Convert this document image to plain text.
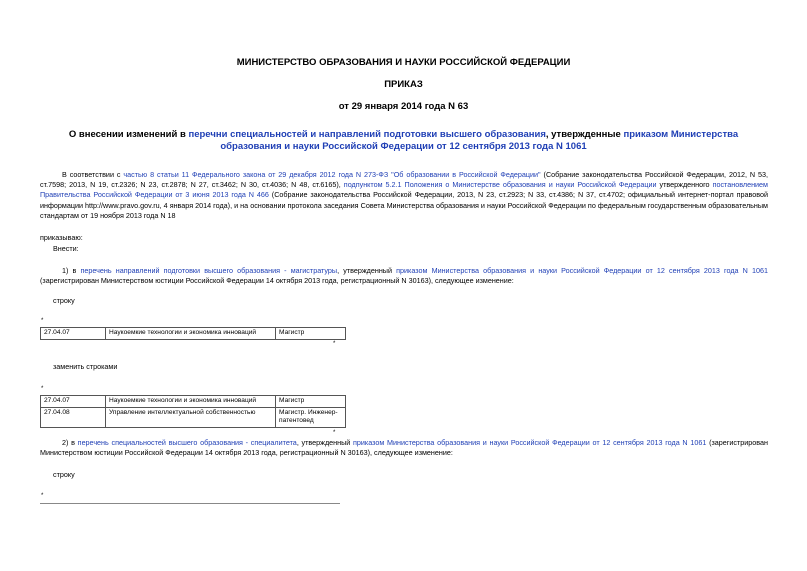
МИНИСТЕРСТВО ОБРАЗОВАНИЯ И НАУКИ РОССИЙСКОЙ ФЕДЕРАЦИИ
ПРИКАЗ
от 29 января 2014 года N 63
О внесении изменений в перечни специальностей и направлений подготовки высшего образования, утвержденные приказом Министерства образования и науки Российской Федерации от 12 сентября 2013 года N 1061
В соответствии с частью 8 статьи 11 Федерального закона от 29 декабря 2012 года N 273-ФЗ "Об образовании в Российской Федерации" (Собрание законодательства Российской Федерации, 2012, N 53, ст.7598; 2013, N 19, ст.2326; N 23, ст.2878; N 27, ст.3462; N 30, ст.4036; N 48, ст.6165), подпунктом 5.2.1 Положения о Министерстве образования и науки Российской Федерации утвержденного постановлением Правительства Российской Федерации от 3 июня 2013 года N 466 (Собрание законодательства Российской Федерации, 2013, N 23, ст.2923; N 33, ст.4386; N 37, ст.4702; официальный интернет-портал правовой информации http://www.pravo.gov.ru, 4 января 2014 года), и на основании протокола заседания Совета Министерства образования и науки Российской Федерации по федеральным государственным образовательным стандартам от 19 ноября 2013 года N 18
приказываю:
Внести:
1) в перечень направлений подготовки высшего образования - магистратуры, утвержденный приказом Министерства образования и науки Российской Федерации от 12 сентября 2013 года N 1061 (зарегистрирован Министерством юстиции Российской Федерации 14 октября 2013 года, регистрационный N 30163), следующее изменение:
строку
*
27.04.07	Наукоемкие технологии и экономика инноваций	Магистр
*
заменить строками
*
27.04.07	Наукоемкие технологии и экономика инноваций	Магистр
27.04.08	Управление интеллектуальной собственностью	Магистр. Инженер-патентовед
*
2) в перечень специальностей высшего образования - специалитета, утвержденный приказом Министерства образования и науки Российской Федерации от 12 сентября 2013 года N 1061 (зарегистрирован Министерством юстиции Российской Федерации 14 октября 2013 года, регистрационный N 30163), следующее изменение:
строку
*
